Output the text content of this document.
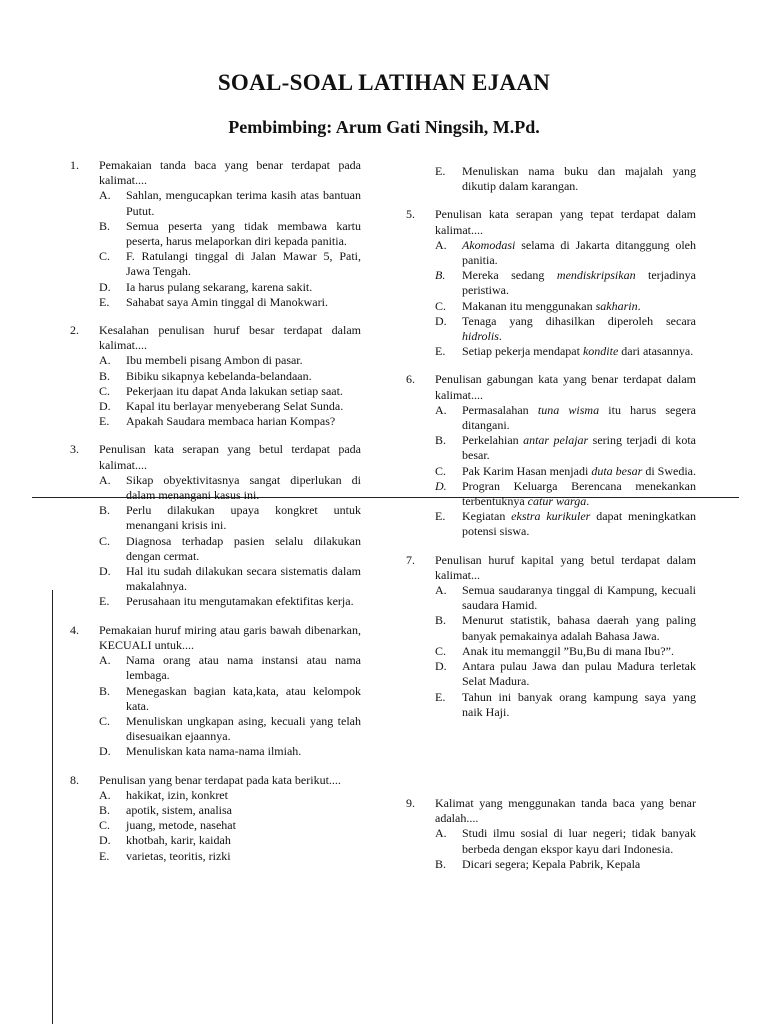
SOAL-SOAL LATIHAN EJAAN
Pembimbing: Arum Gati Ningsih, M.Pd.
1. Pemakaian tanda baca yang benar terdapat pada kalimat....
A. Sahlan, mengucapkan terima kasih atas bantuan Putut.
B. Semua peserta yang tidak membawa kartu peserta, harus melaporkan diri kepada panitia.
C. F. Ratulangi tinggal di Jalan Mawar 5, Pati, Jawa Tengah.
D. Ia harus pulang sekarang, karena sakit.
E. Sahabat saya Amin tinggal di Manokwari.
2. Kesalahan penulisan huruf besar terdapat dalam kalimat....
A. Ibu membeli pisang Ambon di pasar.
B. Bibiku sikapnya kebelanda-belandaan.
C. Pekerjaan itu dapat Anda lakukan setiap saat.
D. Kapal itu berlayar menyeberang Selat Sunda.
E. Apakah Saudara membaca harian Kompas?
3. Penulisan kata serapan yang betul terdapat pada kalimat....
A. Sikap obyektivitasnya sangat diperlukan di dalam menangani kasus ini.
B. Perlu dilakukan upaya kongkret untuk menangani krisis ini.
C. Diagnosa terhadap pasien selalu dilakukan dengan cermat.
D. Hal itu sudah dilakukan secara sistematis dalam makalahnya.
E. Perusahaan itu mengutamakan efektifitas kerja.
4. Pemakaian huruf miring atau garis bawah dibenarkan, KECUALI untuk....
A. Nama orang atau nama instansi atau nama lembaga.
B. Menegaskan bagian kata,kata, atau kelompok kata.
C. Menuliskan ungkapan asing, kecuali yang telah disesuaikan ejaannya.
D. Menuliskan kata nama-nama ilmiah.
8. Penulisan yang benar terdapat pada kata berikut....
A. hakikat, izin, konkret
B. apotik, sistem, analisa
C. juang, metode, nasehat
D. khotbah, karir, kaidah
E. varietas, teoritis, rizki
E. Menuliskan nama buku dan majalah yang dikutip dalam karangan.
5. Penulisan kata serapan yang tepat terdapat dalam kalimat....
A. Akomodasi selama di Jakarta ditanggung oleh panitia.
B. Mereka sedang mendiskripsikan terjadinya peristiwa.
C. Makanan itu menggunakan sakharin.
D. Tenaga yang dihasilkan diperoleh secara hidrolis.
E. Setiap pekerja mendapat kondite dari atasannya.
6. Penulisan gabungan kata yang benar terdapat dalam kalimat....
A. Permasalahan tuna wisma itu harus segera ditangani.
B. Perkelahian antar pelajar sering terjadi di kota besar.
C. Pak Karim Hasan menjadi duta besar di Swedia.
D. Progran Keluarga Berencana menekankan terbentuknya catur warga.
E. Kegiatan ekstra kurikuler dapat meningkatkan potensi siswa.
7. Penulisan huruf kapital yang betul terdapat dalam kalimat...
A. Semua saudaranya tinggal di Kampung, kecuali saudara Hamid.
B. Menurut statistik, bahasa daerah yang paling banyak pemakainya adalah Bahasa Jawa.
C. Anak itu memanggil ”Bu,Bu di mana Ibu?”.
D. Antara pulau Jawa dan pulau Madura terletak Selat Madura.
E. Tahun ini banyak orang kampung saya yang naik Haji.
9. Kalimat yang menggunakan tanda baca yang benar adalah....
A. Studi ilmu sosial di luar negeri; tidak banyak berbeda dengan ekspor kayu dari Indonesia.
B. Dicari segera; Kepala Pabrik, Kepala
